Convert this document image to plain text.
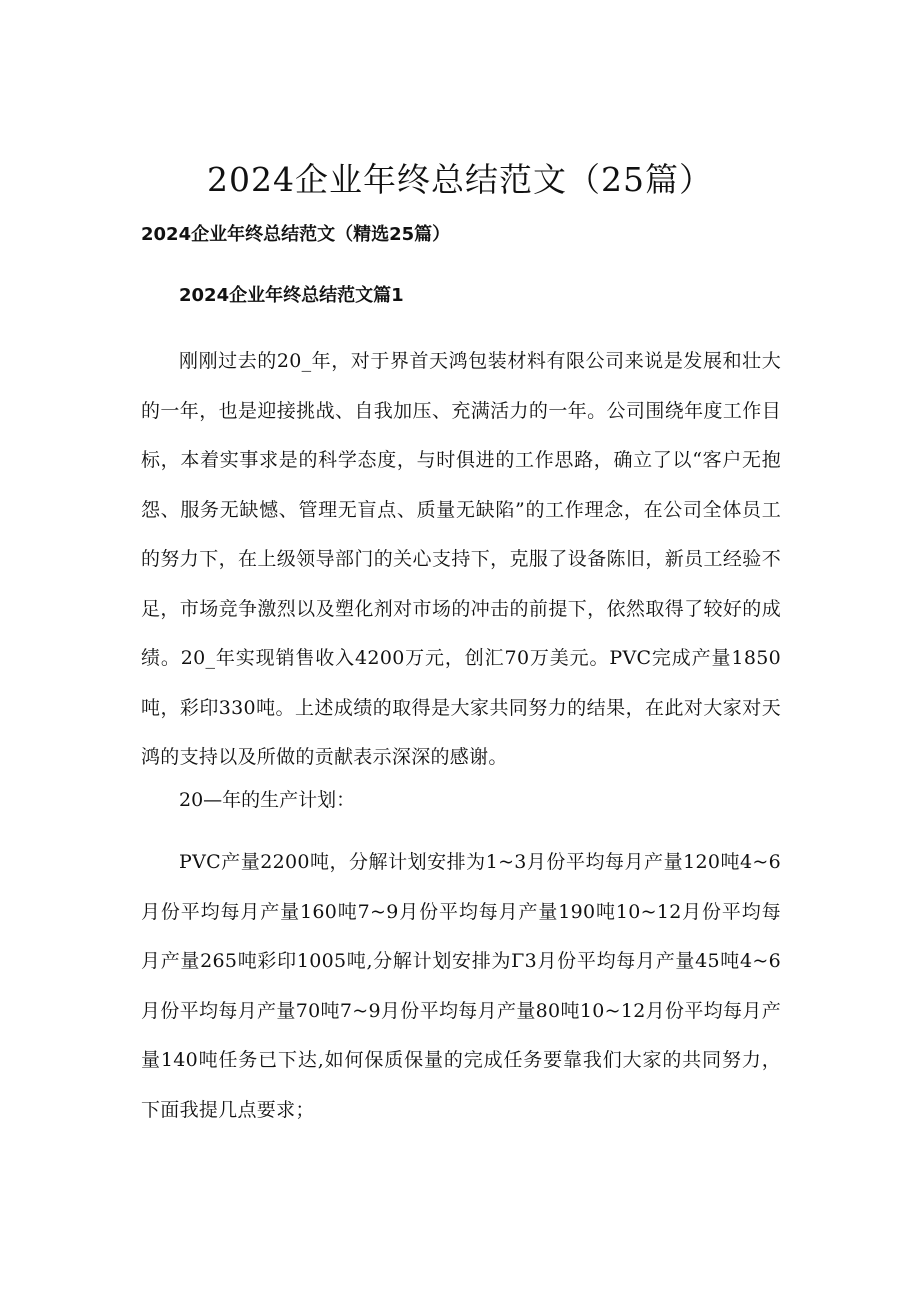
2024企业年终总结范文（25篇）

2024企业年终总结范文（精选25篇）

2024企业年终总结范文篇1

刚刚过去的20_年，对于界首天鸿包装材料有限公司来说是发展和壮大的一年，也是迎接挑战、自我加压、充满活力的一年。公司围绕年度工作目标，本着实事求是的科学态度，与时俱进的工作思路，确立了以“客户无抱怨、服务无缺憾、管理无盲点、质量无缺陷”的工作理念，在公司全体员工的努力下，在上级领导部门的关心支持下，克服了设备陈旧，新员工经验不足，市场竞争激烈以及塑化剂对市场的冲击的前提下，依然取得了较好的成绩。20_年实现销售收入4200万元，创汇70万美元。PVC完成产量1850吨，彩印330吨。上述成绩的取得是大家共同努力的结果，在此对大家对天鸿的支持以及所做的贡献表示深深的感谢。

20—年的生产计划：

PVC产量2200吨，分解计划安排为1~3月份平均每月产量120吨4~6月份平均每月产量160吨7~9月份平均每月产量190吨10~12月份平均每月产量265吨彩印1005吨,分解计划安排为Γ3月份平均每月产量45吨4~6月份平均每月产量70吨7~9月份平均每月产量80吨10~12月份平均每月产量140吨任务已下达,如何保质保量的完成任务要靠我们大家的共同努力，下面我提几点要求；
